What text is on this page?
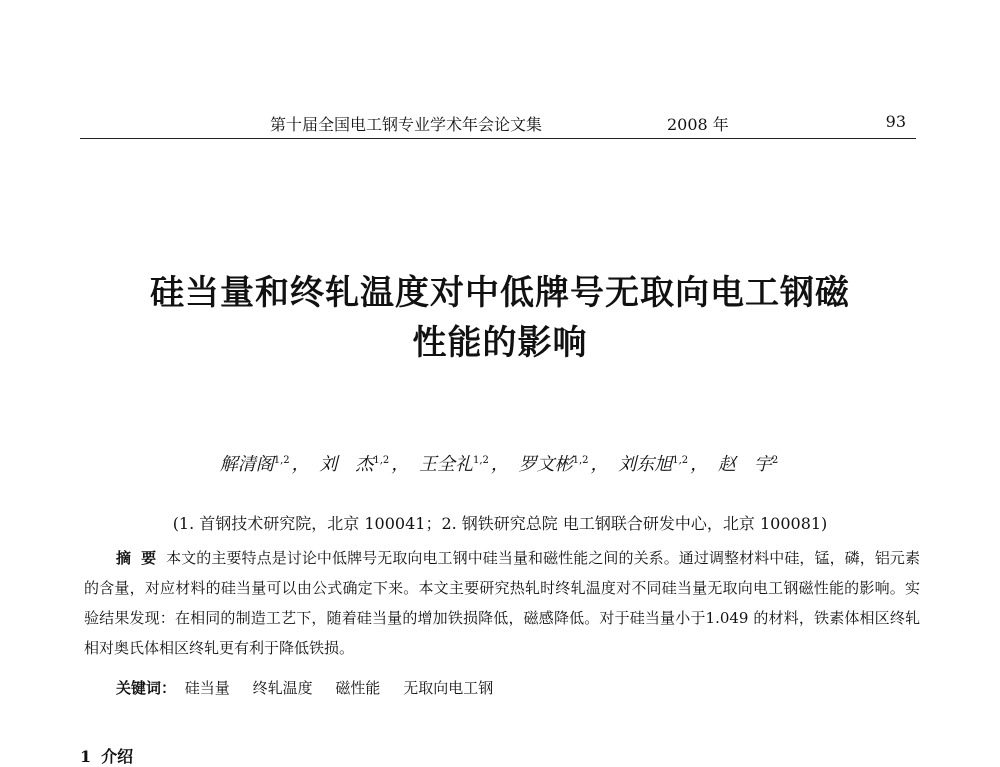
第十届全国电工钢专业学术年会论文集	2008 年	93
硅当量和终轧温度对中低牌号无取向电工钢磁
性能的影响
解清阁$^{1,2}$ ， 刘　杰$^{1,2}$ ， 王全礼$^{1,2}$ ， 罗文彬$^{1,2}$ ， 刘东旭$^{1,2}$ ， 赵　宇$^2$
(1. 首钢技术研究院，北京 100041；2. 钢铁研究总院 电工钢联合研发中心，北京 100081)
摘要本文的主要特点是讨论中低牌号无取向电工钢中硅当量和磁性能之间的关系。通过调整材料中硅，锰，磷，铝元素的含量，对应材料的硅当量可以由公式确定下来。本文主要研究热轧时终轧温度对不同硅当量无取向电工钢磁性能的影响。实验结果发现：在相同的制造工艺下，随着硅当量的增加铁损降低，磁感降低。对于硅当量小于1.049 的材料，铁素体相区终轧相对奥氏体相区终轧更有利于降低铁损。
关键词： 硅当量 终轧温度 磁性能 无取向电工钢
1 介绍
